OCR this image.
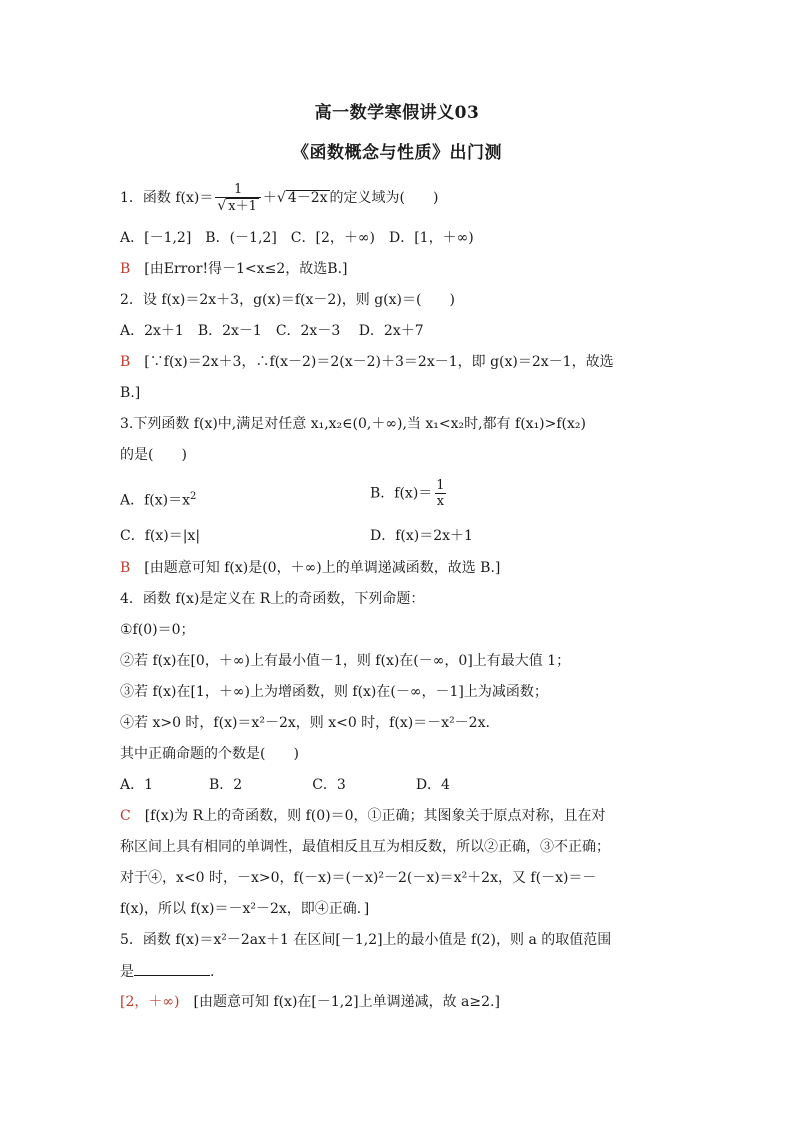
高一数学寒假讲义03
《函数概念与性质》出门测
1．函数 $f(x)= \frac{1}{√ x+1}$ ＋√ 4－2x 的定义域为(　　)
A．[－1,2]　B．(－1,2]　C．[2，＋∞)　D．[1，＋∞)
B　[由Error!得－1<x≤2，故选B.]
2．设 f(x)＝2x＋3，g(x)＝f(x－2)，则 g(x)＝(　　)
A．2x＋1　B．2x－1　C．2x－3　 D．2x＋7
B　[∵f(x)＝2x＋3，∴f(x－2)＝2(x－2)＋3＝2x－1，即 g(x)＝2x－1，故选
B.]
3.下列函数 f(x)中,满足对任意 x₁,x₂∈(0,＋∞),当 x₁<x₂时,都有 f(x₁)>f(x₂)
的是(　　)
A．$f(x)=x^2$	B．$f(x)= \frac{1}{x}$
C．f(x)＝|x|	D．f(x)＝2x＋1
B　[由题意可知 f(x)是(0，＋∞)上的单调递减函数，故选 B.]
4．函数 f(x)是定义在 R上的奇函数，下列命题：
①f(0)＝0；
②若 f(x)在[0，＋∞)上有最小值－1，则 f(x)在(－∞，0]上有最大值 1；
③若 f(x)在[1，＋∞)上为增函数，则 f(x)在(－∞，－1]上为减函数；
④若 x>0 时，f(x)＝x²－2x，则 x<0 时，f(x)＝－x²－2x.
其中正确命题的个数是(　　)
A．1　　　　B．2　　　　　C．3　　　　　D．4
C　[f(x)为 R上的奇函数，则 f(0)＝0，①正确；其图象关于原点对称，且在对
称区间上具有相同的单调性，最值相反且互为相反数，所以②正确，③不正确；
对于④，x<0 时，－x>0，f(－x)＝(－x)²－2(－x)＝x²＋2x，又 f(－x)＝－
f(x)，所以 f(x)＝－x²－2x，即④正确．]
5．函数 f(x)＝x²－2ax＋1 在区间[－1,2]上的最小值是 f(2)，则 a 的取值范围
是	.
[2，＋∞)　[由题意可知 f(x)在[－1,2]上单调递减，故 a≥2.]
